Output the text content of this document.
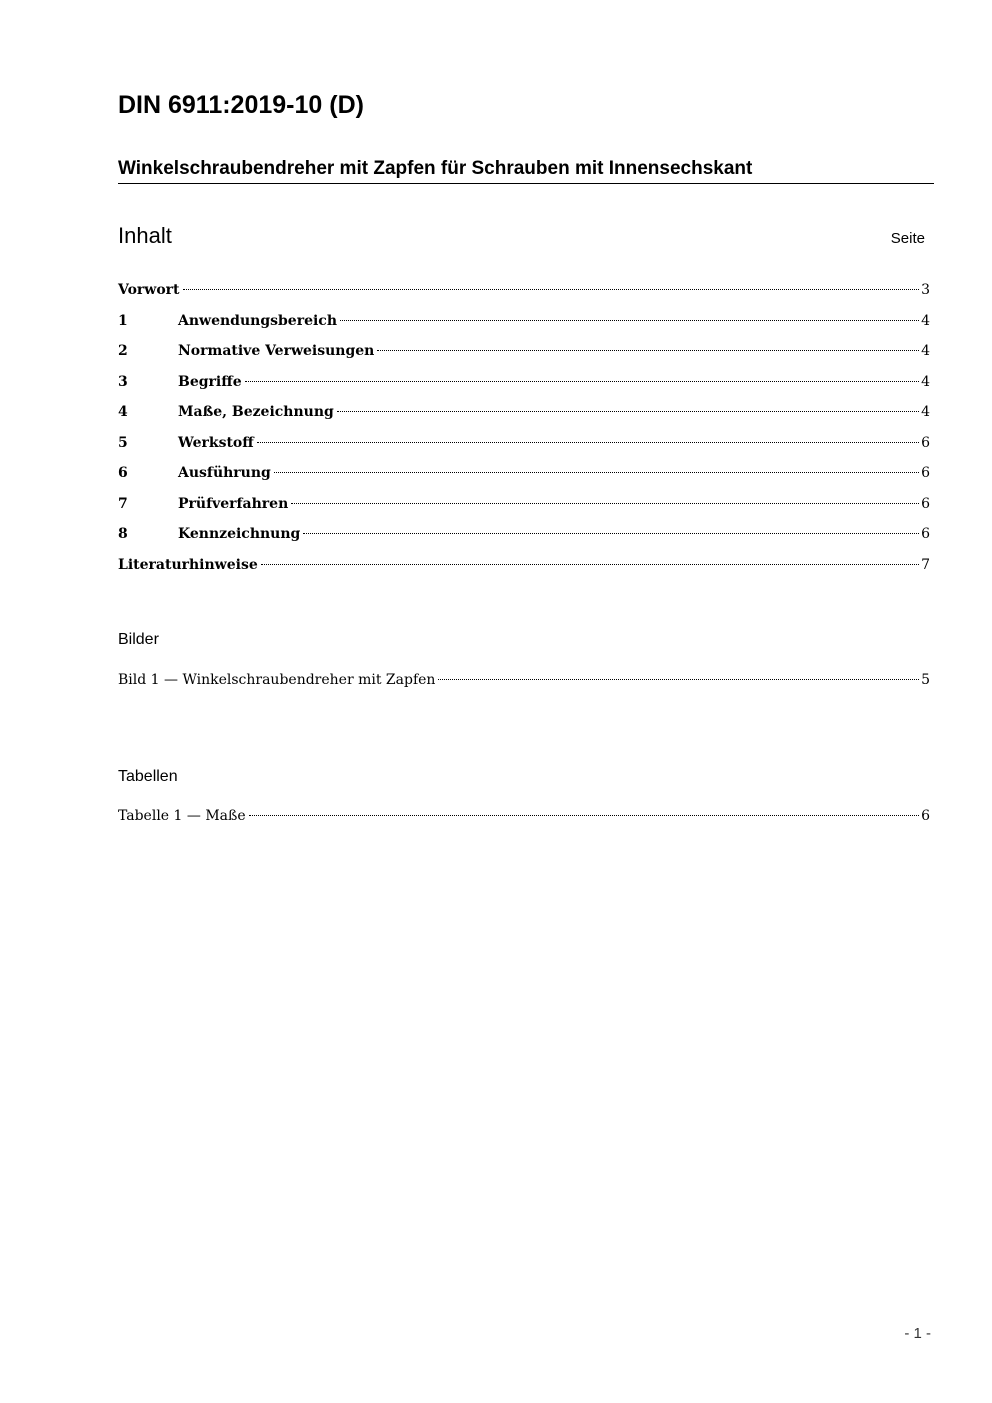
DIN 6911:2019-10 (D)
Winkelschraubendreher mit Zapfen für Schrauben mit Innensechskant
Inhalt	Seite
Vorwort	3
1	Anwendungsbereich	4
2	Normative Verweisungen	4
3	Begriffe	4
4	Maße, Bezeichnung	4
5	Werkstoff	6
6	Ausführung	6
7	Prüfverfahren	6
8	Kennzeichnung	6
Literaturhinweise	7
Bilder
Bild 1 — Winkelschraubendreher mit Zapfen	5
Tabellen
Tabelle 1 — Maße	6
- 1 -
